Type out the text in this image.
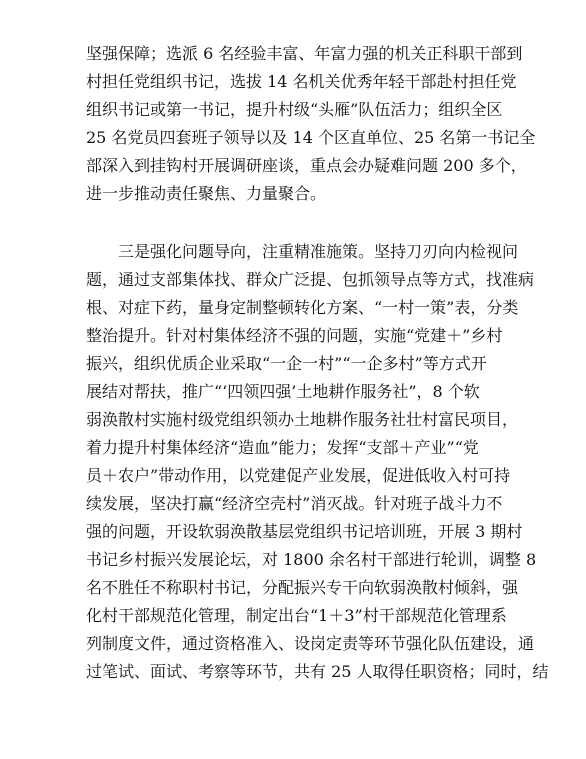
坚强保障；选派 6 名经验丰富、年富力强的机关正科职干部到
村担任党组织书记，选拔 14 名机关优秀年轻干部赴村担任党
组织书记或第一书记，提升村级“头雁”队伍活力；组织全区
25 名党员四套班子领导以及 14 个区直单位、25 名第一书记全
部深入到挂钩村开展调研座谈，重点会办疑难问题 200 多个，
进一步推动责任聚焦、力量聚合。
三是强化问题导向，注重精准施策。坚持刀刃向内检视问
题，通过支部集体找、群众广泛提、包抓领导点等方式，找准病
根、对症下药，量身定制整顿转化方案、“一村一策”表，分类
整治提升。针对村集体经济不强的问题，实施“党建＋”乡村
振兴，组织优质企业采取“一企一村”“一企多村”等方式开
展结对帮扶，推广“‘四领四强’土地耕作服务社”，8 个软
弱涣散村实施村级党组织领办土地耕作服务社壮村富民项目，
着力提升村集体经济“造血”能力；发挥“支部＋产业”“党
员＋农户”带动作用，以党建促产业发展，促进低收入村可持
续发展，坚决打赢“经济空壳村”消灭战。针对班子战斗力不
强的问题，开设软弱涣散基层党组织书记培训班，开展 3 期村
书记乡村振兴发展论坛，对 1800 余名村干部进行轮训，调整 8
名不胜任不称职村书记，分配振兴专干向软弱涣散村倾斜，强
化村干部规范化管理，制定出台“1＋3”村干部规范化管理系
列制度文件，通过资格准入、设岗定责等环节强化队伍建设，通
过笔试、面试、考察等环节，共有 25 人取得任职资格；同时，结
